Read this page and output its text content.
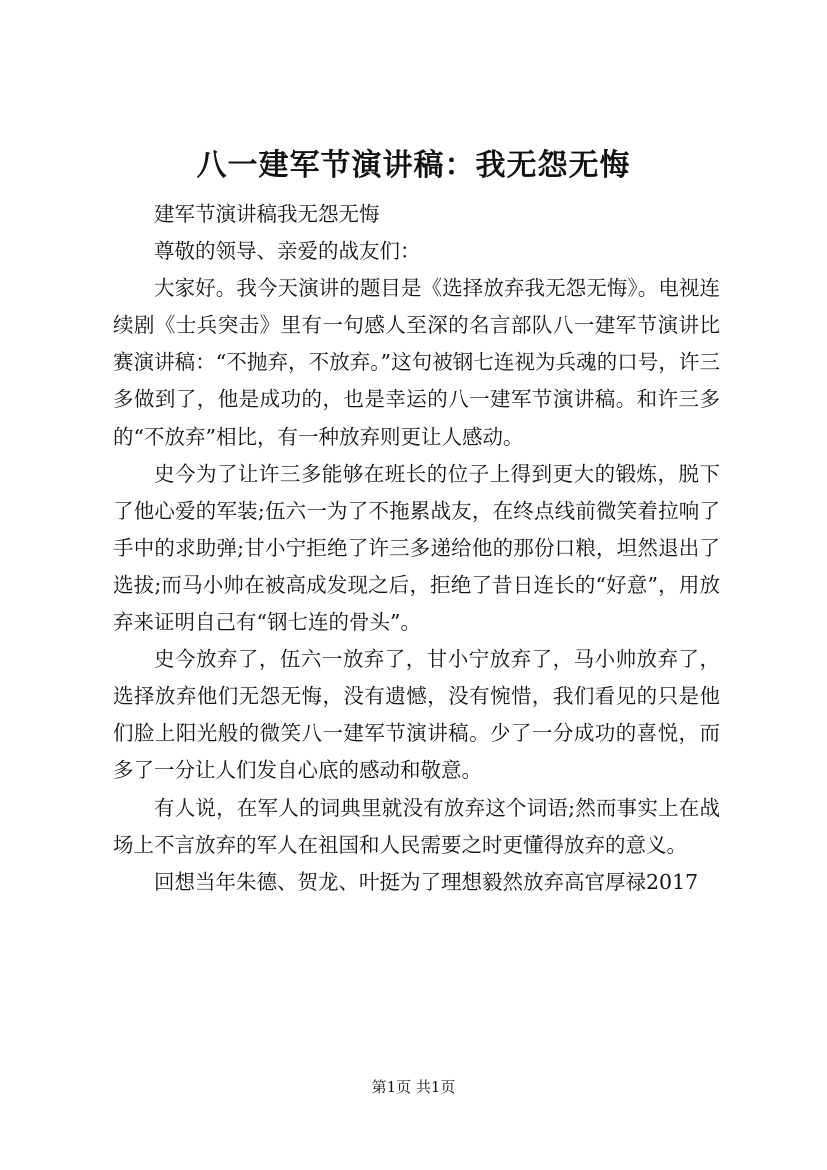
八一建军节演讲稿：我无怨无悔

建军节演讲稿我无怨无悔

尊敬的领导、亲爱的战友们：

大家好。我今天演讲的题目是《选择放弃我无怨无悔》。电视连续剧《士兵突击》里有一句感人至深的名言部队八一建军节演讲比赛演讲稿：“不抛弃，不放弃。”这句被钢七连视为兵魂的口号，许三多做到了，他是成功的，也是幸运的八一建军节演讲稿。和许三多的“不放弃”相比，有一种放弃则更让人感动。

史今为了让许三多能够在班长的位子上得到更大的锻炼，脱下了他心爱的军装;伍六一为了不拖累战友，在终点线前微笑着拉响了手中的求助弹;甘小宁拒绝了许三多递给他的那份口粮，坦然退出了选拔;而马小帅在被高成发现之后，拒绝了昔日连长的“好意”，用放弃来证明自己有“钢七连的骨头”。

史今放弃了，伍六一放弃了，甘小宁放弃了，马小帅放弃了，选择放弃他们无怨无悔，没有遗憾，没有惋惜，我们看见的只是他们脸上阳光般的微笑八一建军节演讲稿。少了一分成功的喜悦，而多了一分让人们发自心底的感动和敬意。

有人说，在军人的词典里就没有放弃这个词语;然而事实上在战场上不言放弃的军人在祖国和人民需要之时更懂得放弃的意义。

回想当年朱德、贺龙、叶挺为了理想毅然放弃高官厚禄2017

第1页 共1页
